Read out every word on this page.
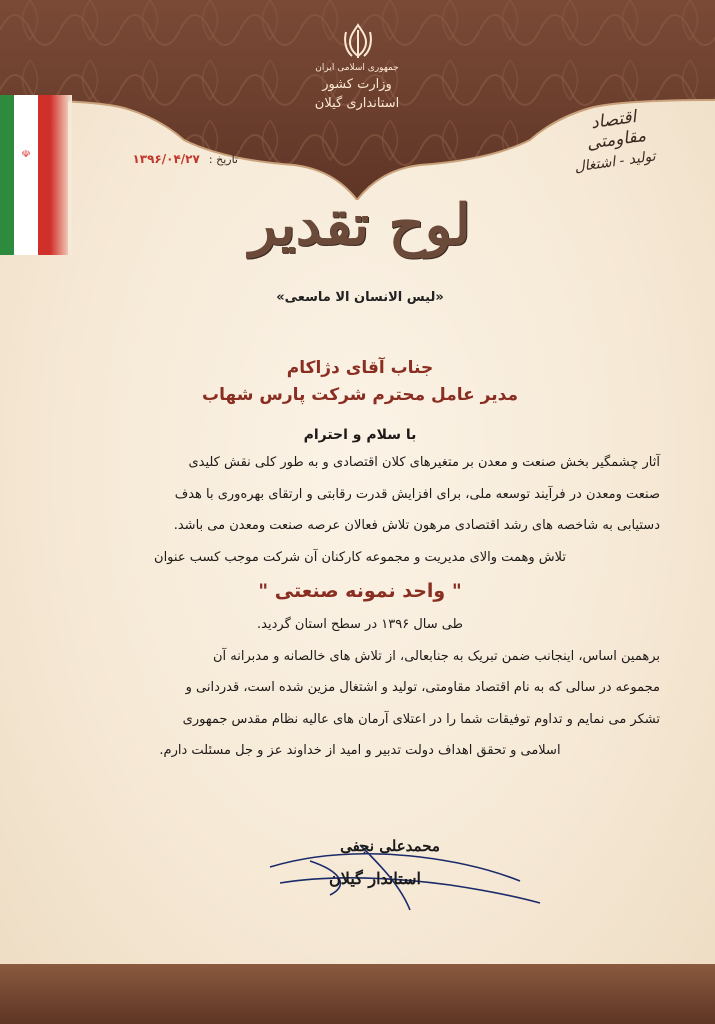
جمهوری اسلامی ایران
وزارت کشور
استانداری گیلان
اقتصاد مقاومتی
تولید - اشتغال
تاریخ : ۱۳۹۶/۰۴/۲۷
لوح تقدیر
«لیس الانسان الا ماسعی»
جناب آقای دژاکام
مدیر عامل محترم شرکت پارس شهاب
با سلام و احترام

آثار چشمگیر بخش صنعت و معدن بر متغیرهای کلان اقتصادی و به طور کلی نقش کلیدی

صنعت ومعدن در فرآیند توسعه ملی، برای افزایش قدرت رقابتی و ارتقای بهره‌وری با هدف

دستیابی به شاخصه های رشد اقتصادی مرهون تلاش فعالان عرصه صنعت ومعدن می باشد.

تلاش وهمت والای مدیریت و مجموعه کارکنان آن شرکت موجب کسب عنوان

" واحد نمونه صنعتی "

طی سال ۱۳۹۶ در سطح استان گردید.

برهمین اساس، اینجانب ضمن تبریک به جنابعالی، از تلاش های خالصانه و مدبرانه آن

مجموعه در سالی که به نام اقتصاد مقاومتی، تولید و اشتغال مزین شده است، قدردانی و

تشکر می نمایم و تداوم توفیقات شما را در اعتلای آرمان های عالیه نظام مقدس جمهوری

اسلامی و تحقق اهداف دولت تدبیر و امید از خداوند عز و جل مسئلت دارم.

محمدعلی نجفی
استاندار گیلان
